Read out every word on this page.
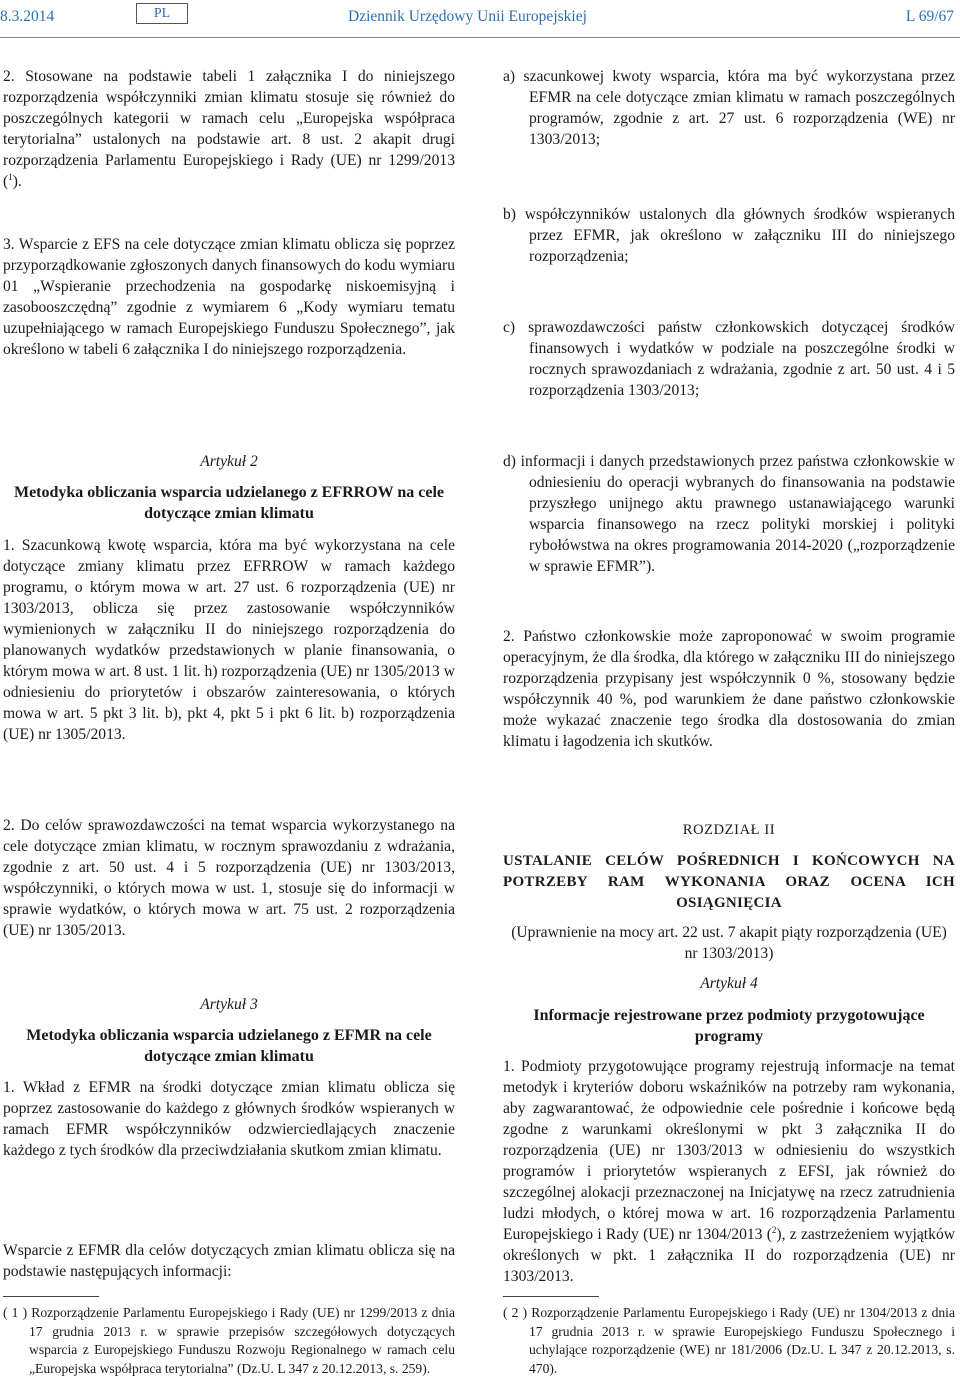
8.3.2014	PL	Dziennik Urzędowy Unii Europejskiej	L 69/67

2. Stosowane na podstawie tabeli 1 załącznika I do niniejszego rozporządzenia współczynniki zmian klimatu stosuje się również do poszczególnych kategorii w ramach celu „Europejska współpraca terytorialna” ustalonych na podstawie art. 8 ust. 2 akapit drugi rozporządzenia Parlamentu Europejskiego i Rady (UE) nr 1299/2013 ($^1$).

3. Wsparcie z EFS na cele dotyczące zmian klimatu oblicza się poprzez przyporządkowanie zgłoszonych danych finansowych do kodu wymiaru 01 „Wspieranie przechodzenia na gospodarkę niskoemisyjną i zasobooszczędną” zgodnie z wymiarem 6 „Kody wymiaru tematu uzupełniającego w ramach Europejskiego Funduszu Społecznego”, jak określono w tabeli 6 załącznika I do niniejszego rozporządzenia.

Artykuł 2

Metodyka obliczania wsparcia udzielanego z EFRROW na cele dotyczące zmian klimatu

1. Szacunkową kwotę wsparcia, która ma być wykorzystana na cele dotyczące zmiany klimatu przez EFRROW w ramach każdego programu, o którym mowa w art. 27 ust. 6 rozporządzenia (UE) nr 1303/2013, oblicza się przez zastosowanie współczynników wymienionych w załączniku II do niniejszego rozporządzenia do planowanych wydatków przedstawionych w planie finansowania, o którym mowa w art. 8 ust. 1 lit. h) rozporządzenia (UE) nr 1305/2013 w odniesieniu do priorytetów i obszarów zainteresowania, o których mowa w art. 5 pkt 3 lit. b), pkt 4, pkt 5 i pkt 6 lit. b) rozporządzenia (UE) nr 1305/2013.

2. Do celów sprawozdawczości na temat wsparcia wykorzystanego na cele dotyczące zmian klimatu, w rocznym sprawozdaniu z wdrażania, zgodnie z art. 50 ust. 4 i 5 rozporządzenia (UE) nr 1303/2013, współczynniki, o których mowa w ust. 1, stosuje się do informacji w sprawie wydatków, o których mowa w art. 75 ust. 2 rozporządzenia (UE) nr 1305/2013.

Artykuł 3

Metodyka obliczania wsparcia udzielanego z EFMR na cele dotyczące zmian klimatu

1. Wkład z EFMR na środki dotyczące zmian klimatu oblicza się poprzez zastosowanie do każdego z głównych środków wspieranych w ramach EFMR współczynników odzwierciedlających znaczenie każdego z tych środków dla przeciwdziałania skutkom zmian klimatu.

Wsparcie z EFMR dla celów dotyczących zmian klimatu oblicza się na podstawie następujących informacji:

( 1 ) Rozporządzenie Parlamentu Europejskiego i Rady (UE) nr 1299/2013 z dnia 17 grudnia 2013 r. w sprawie przepisów szczegółowych dotyczących wsparcia z Europejskiego Funduszu Rozwoju Regionalnego w ramach celu „Europejska współpraca terytorialna” (Dz.U. L 347 z 20.12.2013, s. 259).

a) szacunkowej kwoty wsparcia, która ma być wykorzystana przez EFMR na cele dotyczące zmian klimatu w ramach poszczególnych programów, zgodnie z art. 27 ust. 6 rozporządzenia (WE) nr 1303/2013;

b) współczynników ustalonych dla głównych środków wspieranych przez EFMR, jak określono w załączniku III do niniejszego rozporządzenia;

c) sprawozdawczości państw członkowskich dotyczącej środków finansowych i wydatków w podziale na poszczególne środki w rocznych sprawozdaniach z wdrażania, zgodnie z art. 50 ust. 4 i 5 rozporządzenia 1303/2013;

d) informacji i danych przedstawionych przez państwa członkowskie w odniesieniu do operacji wybranych do finansowania na podstawie przyszłego unijnego aktu prawnego ustanawiającego warunki wsparcia finansowego na rzecz polityki morskiej i polityki rybołówstwa na okres programowania 2014-2020 („rozporządzenie w sprawie EFMR”).

2. Państwo członkowskie może zaproponować w swoim programie operacyjnym, że dla środka, dla którego w załączniku III do niniejszego rozporządzenia przypisany jest współczynnik 0 %, stosowany będzie współczynnik 40 %, pod warunkiem że dane państwo członkowskie może wykazać znaczenie tego środka dla dostosowania do zmian klimatu i łagodzenia ich skutków.

ROZDZIAŁ II

USTALANIE CELÓW POŚREDNICH I KOŃCOWYCH NA

POTRZEBY RAM WYKONANIA ORAZ OCENA ICH

OSIĄGNIĘCIA

(Uprawnienie na mocy art. 22 ust. 7 akapit piąty rozporządzenia (UE) nr 1303/2013)

Artykuł 4

Informacje rejestrowane przez podmioty przygotowujące programy

1. Podmioty przygotowujące programy rejestrują informacje na temat metodyk i kryteriów doboru wskaźników na potrzeby ram wykonania, aby zagwarantować, że odpowiednie cele pośrednie i końcowe będą zgodne z warunkami określonymi w pkt 3 załącznika II do rozporządzenia (UE) nr 1303/2013 w odniesieniu do wszystkich programów i priorytetów wspieranych z EFSI, jak również do szczególnej alokacji przeznaczonej na Inicjatywę na rzecz zatrudnienia ludzi młodych, o której mowa w art. 16 rozporządzenia Parlamentu Europejskiego i Rady (UE) nr 1304/2013 ($^2$), z zastrzeżeniem wyjątków określonych w pkt. 1 załącznika II do rozporządzenia (UE) nr 1303/2013.

( 2 ) Rozporządzenie Parlamentu Europejskiego i Rady (UE) nr 1304/2013 z dnia 17 grudnia 2013 r. w sprawie Europejskiego Funduszu Społecznego i uchylające rozporządzenie (WE) nr 181/2006 (Dz.U. L 347 z 20.12.2013, s. 470).
